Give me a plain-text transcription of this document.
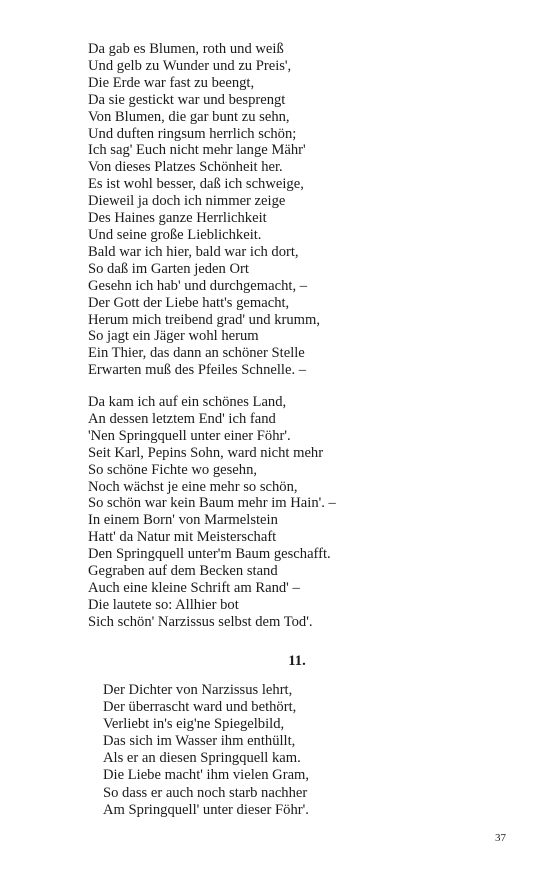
Da gab es Blumen, roth und weiß
Und gelb zu Wunder und zu Preis',
Die Erde war fast zu beengt,
Da sie gestickt war und besprengt
Von Blumen, die gar bunt zu sehn,
Und duften ringsum herrlich schön;
Ich sag' Euch nicht mehr lange Mähr'
Von dieses Platzes Schönheit her.
Es ist wohl besser, daß ich schweige,
Dieweil ja doch ich nimmer zeige
Des Haines ganze Herrlichkeit
Und seine große Lieblichkeit.
Bald war ich hier, bald war ich dort,
So daß im Garten jeden Ort
Gesehn ich hab' und durchgemacht, –
Der Gott der Liebe hatt's gemacht,
Herum mich treibend grad' und krumm,
So jagt ein Jäger wohl herum
Ein Thier, das dann an schöner Stelle
Erwarten muß des Pfeiles Schnelle. –
Da kam ich auf ein schönes Land,
An dessen letztem End' ich fand
'Nen Springquell unter einer Föhr'.
Seit Karl, Pepins Sohn, ward nicht mehr
So schöne Fichte wo gesehn,
Noch wächst je eine mehr so schön,
So schön war kein Baum mehr im Hain'. –
In einem Born' von Marmelstein
Hatt' da Natur mit Meisterschaft
Den Springquell unter'm Baum geschafft.
Gegraben auf dem Becken stand
Auch eine kleine Schrift am Rand' –
Die lautete so: Allhier bot
Sich schön' Narzissus selbst dem Tod'.
11.
Der Dichter von Narzissus lehrt,
Der überrascht ward und bethört,
Verliebt in's eig'ne Spiegelbild,
Das sich im Wasser ihm enthüllt,
Als er an diesen Springquell kam.
Die Liebe macht' ihm vielen Gram,
So dass er auch noch starb nachher
Am Springquell' unter dieser Föhr'.
37
